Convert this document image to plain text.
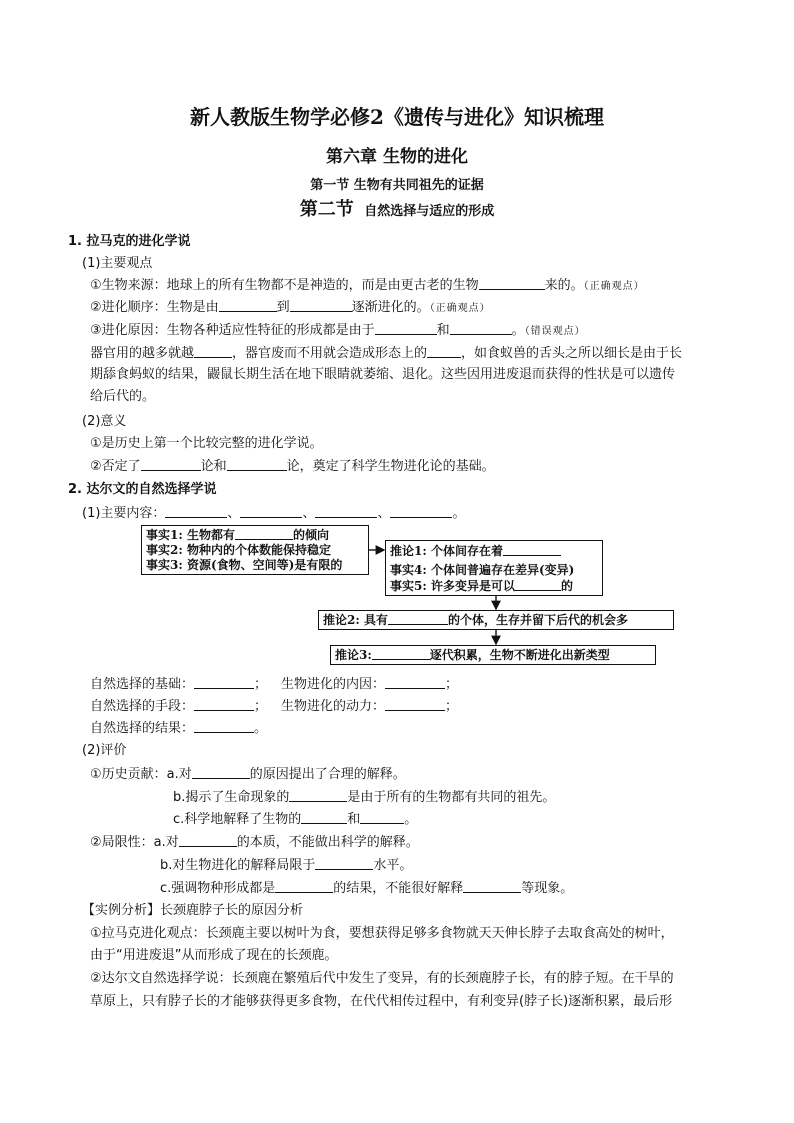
新人教版生物学必修2《遗传与进化》知识梳理
第六章 生物的进化
第一节 生物有共同祖先的证据
第二节 自然选择与适应的形成
1. 拉马克的进化学说
(1)主要观点
①生物来源：地球上的所有生物都不是神造的，而是由更古老的生物	来的。（正确观点）
②进化顺序：生物是由	到	逐渐进化的。（正确观点）
③进化原因：生物各种适应性特征的形成都是由于	和	。（错误观点）
器官用的越多就越	，器官废而不用就会造成形态上的	，如食蚁兽的舌头之所以细长是由于长
期舔食蚂蚁的结果，鼹鼠长期生活在地下眼睛就萎缩、退化。这些因用进废退而获得的性状是可以遗传
给后代的。
(2)意义
①是历史上第一个比较完整的进化学说。
②否定了	论和	论，奠定了科学生物进化论的基础。
2. 达尔文的自然选择学说
(1)主要内容：	、	、	、	。
事实1: 生物都有	的倾向
事实2: 物种内的个体数能保持稳定
事实3: 资源(食物、空间等)是有限的
推论1: 个体间存在着
事实4: 个体间普遍存在差异(变异)
事实5: 许多变异是可以	的
推论2: 具有	的个体，生存并留下后代的机会多
推论3:	逐代积累，生物不断进化出新类型
自然选择的基础：	； 生物进化的内因：	；
自然选择的手段：	； 生物进化的动力：	；
自然选择的结果：	。
(2)评价
①历史贡献：a.对	的原因提出了合理的解释。
b.揭示了生命现象的	是由于所有的生物都有共同的祖先。
c.科学地解释了生物的	和	。
②局限性：a.对	的本质，不能做出科学的解释。
b.对生物进化的解释局限于	水平。
c.强调物种形成都是	的结果，不能很好解释	等现象。
【实例分析】长颈鹿脖子长的原因分析
①拉马克进化观点：长颈鹿主要以树叶为食，要想获得足够多食物就天天伸长脖子去取食高处的树叶，
由于“用进废退”从而形成了现在的长颈鹿。
②达尔文自然选择学说：长颈鹿在繁殖后代中发生了变异，有的长颈鹿脖子长，有的脖子短。在干旱的
草原上，只有脖子长的才能够获得更多食物，在代代相传过程中，有利变异(脖子长)逐渐积累，最后形
